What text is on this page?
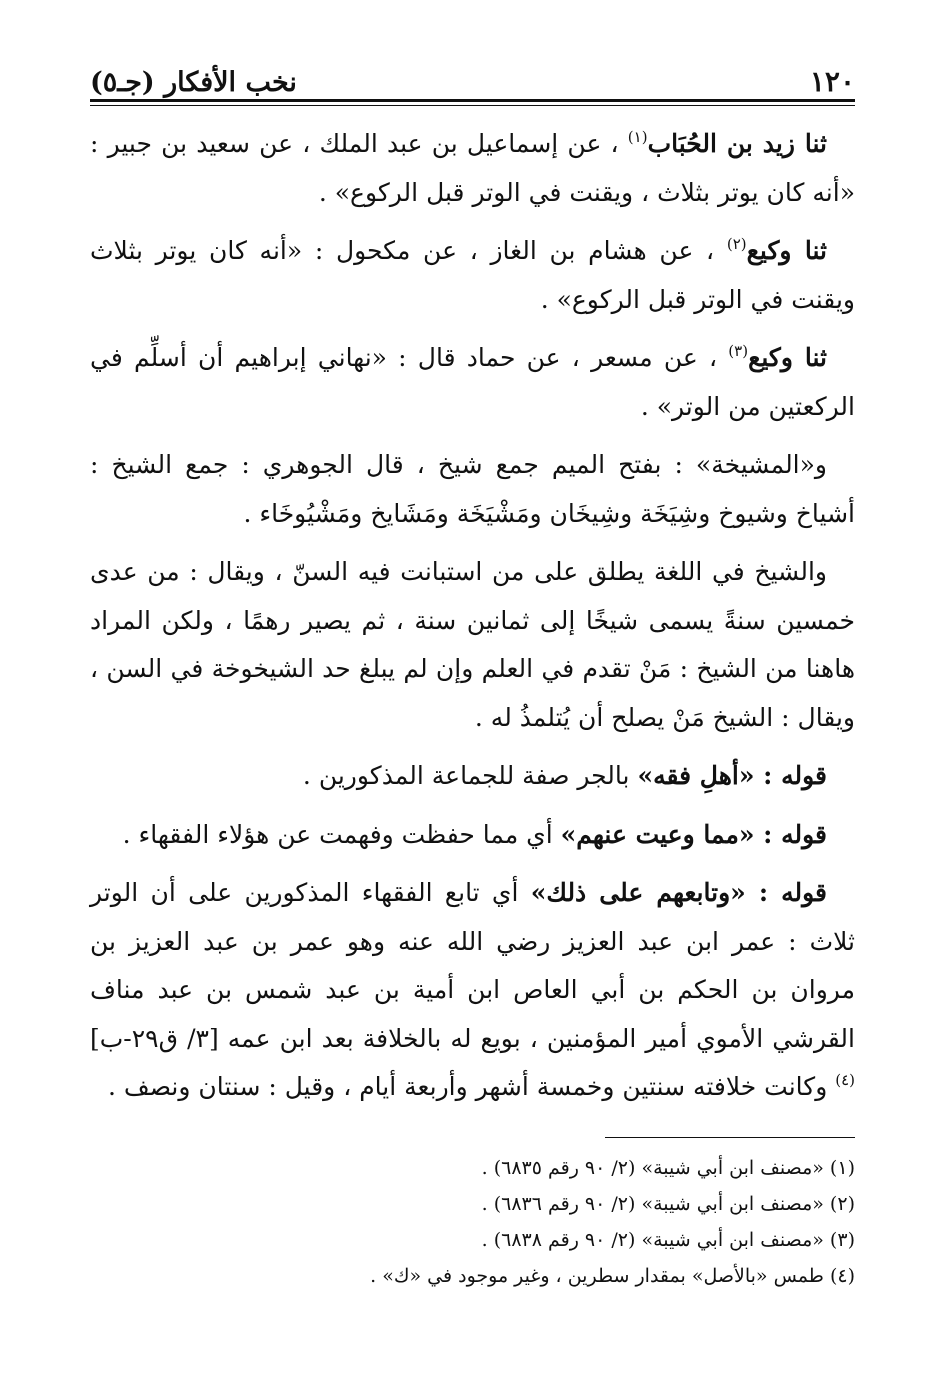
١٢٠
نخب الأفكار (جـ٥)

ثنا زيد بن الحُبَاب$^{(١)}$ ، عن إسماعيل بن عبد الملك ، عن سعيد بن جبير : «أنه كان يوتر بثلاث ، ويقنت في الوتر قبل الركوع» .

ثنا وكيع$^{(٢)}$ ، عن هشام بن الغاز ، عن مكحول : «أنه كان يوتر بثلاث ويقنت في الوتر قبل الركوع» .

ثنا وكيع$^{(٣)}$ ، عن مسعر ، عن حماد قال : «نهاني إبراهيم أن أسلِّم في الركعتين من الوتر» .

و«المشيخة» : بفتح الميم جمع شيخ ، قال الجوهري : جمع الشيخ : أشياخ وشيوخ وشِيَخَة وشِيخَان ومَشْيَخَة ومَشَايخ ومَشْيُوخَاء .

والشيخ في اللغة يطلق على من استبانت فيه السنّ ، ويقال : من عدى خمسين سنةً يسمى شيخًا إلى ثمانين سنة ، ثم يصير رهمًا ، ولكن المراد هاهنا من الشيخ : مَنْ تقدم في العلم وإن لم يبلغ حد الشيخوخة في السن ، ويقال : الشيخ مَنْ يصلح أن يُتلمذُ له .

قوله : «أهلِ فقه» بالجر صفة للجماعة المذكورين .

قوله : «مما وعيت عنهم» أي مما حفظت وفهمت عن هؤلاء الفقهاء .

قوله : «وتابعهم على ذلك» أي تابع الفقهاء المذكورين على أن الوتر ثلاث : عمر ابن عبد العزيز رضي الله عنه وهو عمر بن عبد العزيز بن مروان بن الحكم بن أبي العاص ابن أمية بن عبد شمس بن عبد مناف القرشي الأموي أمير المؤمنين ، بويع له بالخلافة بعد ابن عمه [٣/ ق٢٩-ب]$^{(٤)}$ وكانت خلافته سنتين وخمسة أشهر وأربعة أيام ، وقيل : سنتان ونصف .

(١) «مصنف ابن أبي شيبة» (٢/ ٩٠ رقم ٦٨٣٥) .

(٢) «مصنف ابن أبي شيبة» (٢/ ٩٠ رقم ٦٨٣٦) .

(٣) «مصنف ابن أبي شيبة» (٢/ ٩٠ رقم ٦٨٣٨) .

(٤) طمس «بالأصل» بمقدار سطرين ، وغير موجود في «ك» .
